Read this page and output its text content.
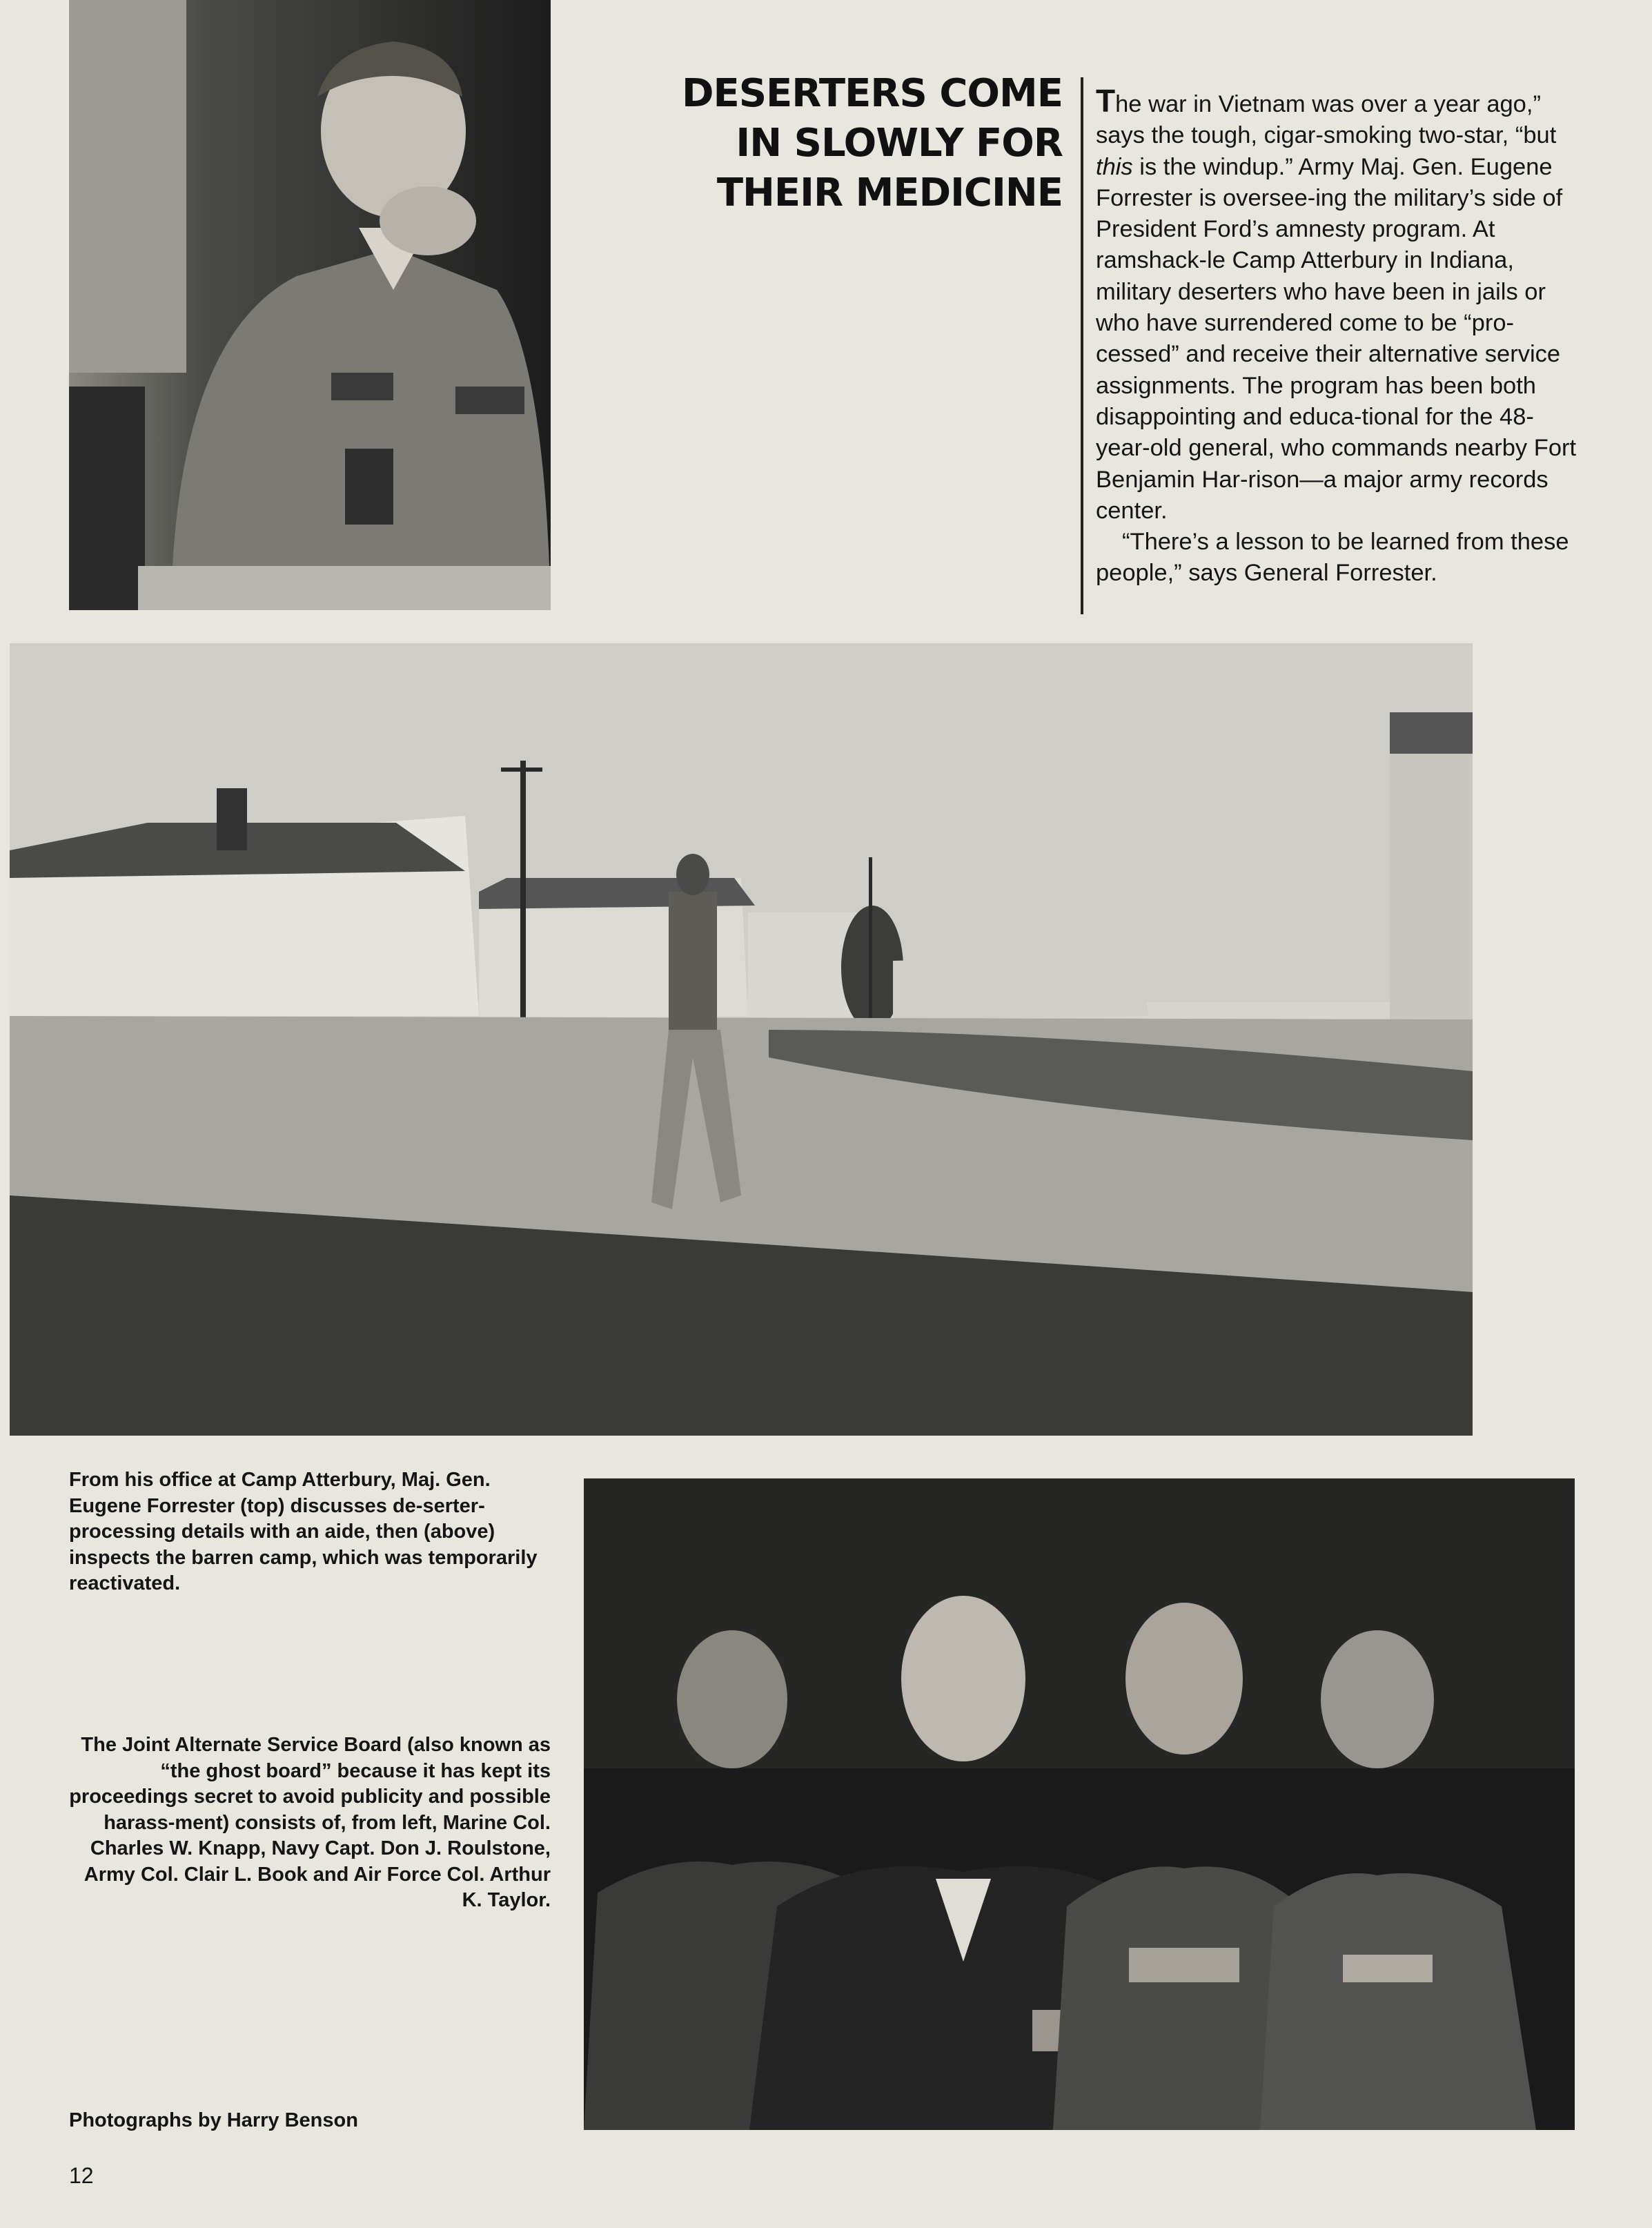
DESERTERS COME
IN SLOWLY FOR
THEIR MEDICINE

The war in Vietnam was over a year ago,” says the tough, cigar-smoking two-star, “but this is the windup.” Army Maj. Gen. Eugene Forrester is oversee-ing the military’s side of President Ford’s amnesty program. At ramshack-le Camp Atterbury in Indiana, military deserters who have been in jails or who have surrendered come to be “pro-cessed” and receive their alternative service assignments. The program has been both disappointing and educa-tional for the 48-year-old general, who commands nearby Fort Benjamin Har-rison—a major army records center.

“There’s a lesson to be learned from these people,” says General Forrester.

From his office at Camp Atterbury, Maj. Gen. Eugene Forrester (top) discusses de-serter-processing details with an aide, then (above) inspects the barren camp, which was temporarily reactivated.
The Joint Alternate Service Board (also known as “the ghost board” because it has kept its proceedings secret to avoid publicity and possible harass-ment) consists of, from left, Marine Col. Charles W. Knapp, Navy Capt. Don J. Roulstone, Army Col. Clair L. Book and Air Force Col. Arthur K. Taylor.
Photographs by Harry Benson
12
